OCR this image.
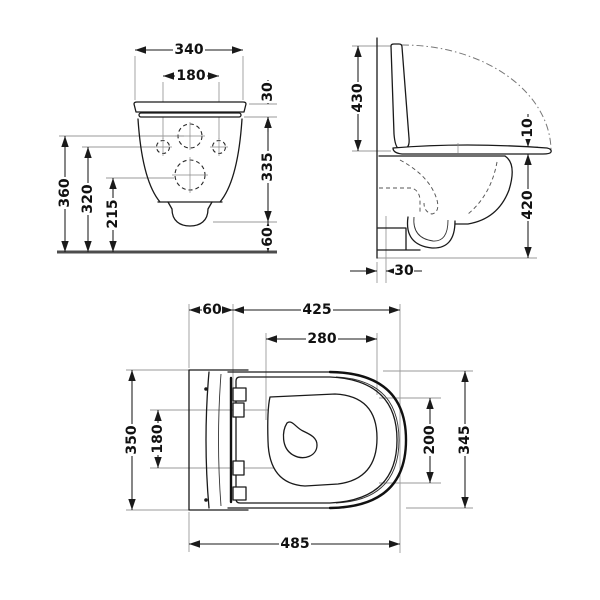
340
180
30
335
60
360 320
215
430
10
420
30
60	425
280
350 180	200 345
485
